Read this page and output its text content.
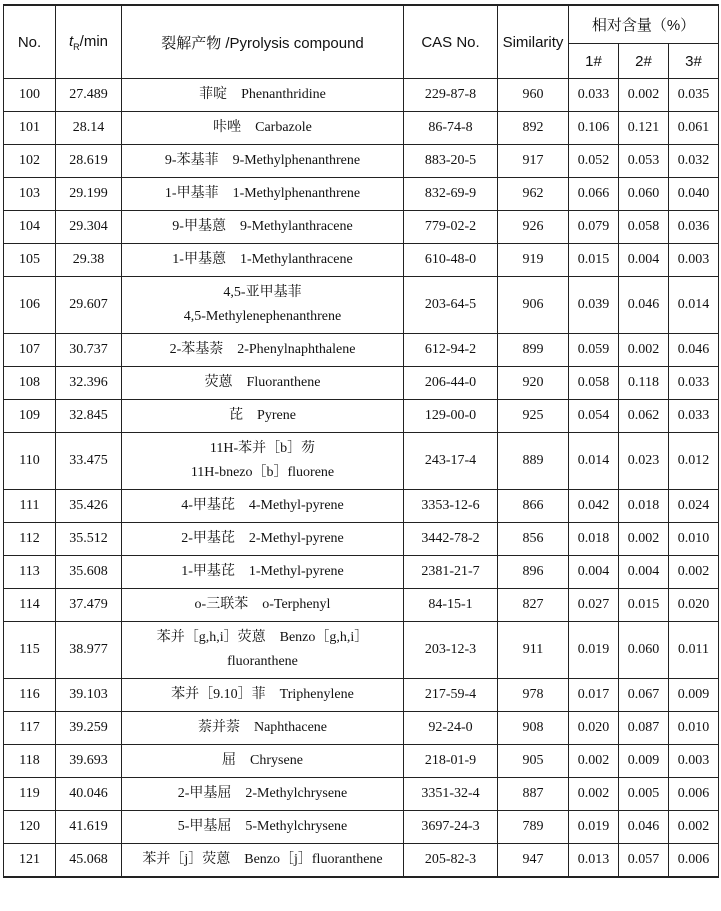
No.	$t_R/\min$	裂解产物 /Pyrolysis compound	CAS No.	Similarity	相对含量（%）		
					1#	2#	3#
100	27.489	菲啶　Phenanthridine	229-87-8	960	0.033	0.002	0.035
101	28.14	咔唑　Carbazole	86-74-8	892	0.106	0.121	0.061
102	28.619	9-苯基菲　9-Methylphenanthrene	883-20-5	917	0.052	0.053	0.032
103	29.199	1-甲基菲　1-Methylphenanthrene	832-69-9	962	0.066	0.060	0.040
104	29.304	9-甲基蒽　9-Methylanthracene	779-02-2	926	0.079	0.058	0.036
105	29.38	1-甲基蒽　1-Methylanthracene	610-48-0	919	0.015	0.004	0.003
106	29.607	4,5-亚甲基菲
4,5-Methylenephenanthrene	203-64-5	906	0.039	0.046	0.014
107	30.737	2-苯基萘　2-Phenylnaphthalene	612-94-2	899	0.059	0.002	0.046
108	32.396	荧蒽　Fluoranthene	206-44-0	920	0.058	0.118	0.033
109	32.845	芘　Pyrene	129-00-0	925	0.054	0.062	0.033
110	33.475	11H-苯并［b］芴
11H-bnezo［b］fluorene	243-17-4	889	0.014	0.023	0.012
111	35.426	4-甲基芘　4-Methyl-pyrene	3353-12-6	866	0.042	0.018	0.024
112	35.512	2-甲基芘　2-Methyl-pyrene	3442-78-2	856	0.018	0.002	0.010
113	35.608	1-甲基芘　1-Methyl-pyrene	2381-21-7	896	0.004	0.004	0.002
114	37.479	o-三联苯　o-Terphenyl	84-15-1	827	0.027	0.015	0.020
115	38.977	苯并［g,h,i］荧蒽　Benzo［g,h,i］
fluoranthene	203-12-3	911	0.019	0.060	0.011
116	39.103	苯并［9.10］菲　Triphenylene	217-59-4	978	0.017	0.067	0.009
117	39.259	萘并萘　Naphthacene	92-24-0	908	0.020	0.087	0.010
118	39.693	屈　Chrysene	218-01-9	905	0.002	0.009	0.003
119	40.046	2-甲基屈　2-Methylchrysene	3351-32-4	887	0.002	0.005	0.006
120	41.619	5-甲基屈　5-Methylchrysene	3697-24-3	789	0.019	0.046	0.002
121	45.068	苯并［j］荧蒽　Benzo［j］fluoranthene	205-82-3	947	0.013	0.057	0.006
